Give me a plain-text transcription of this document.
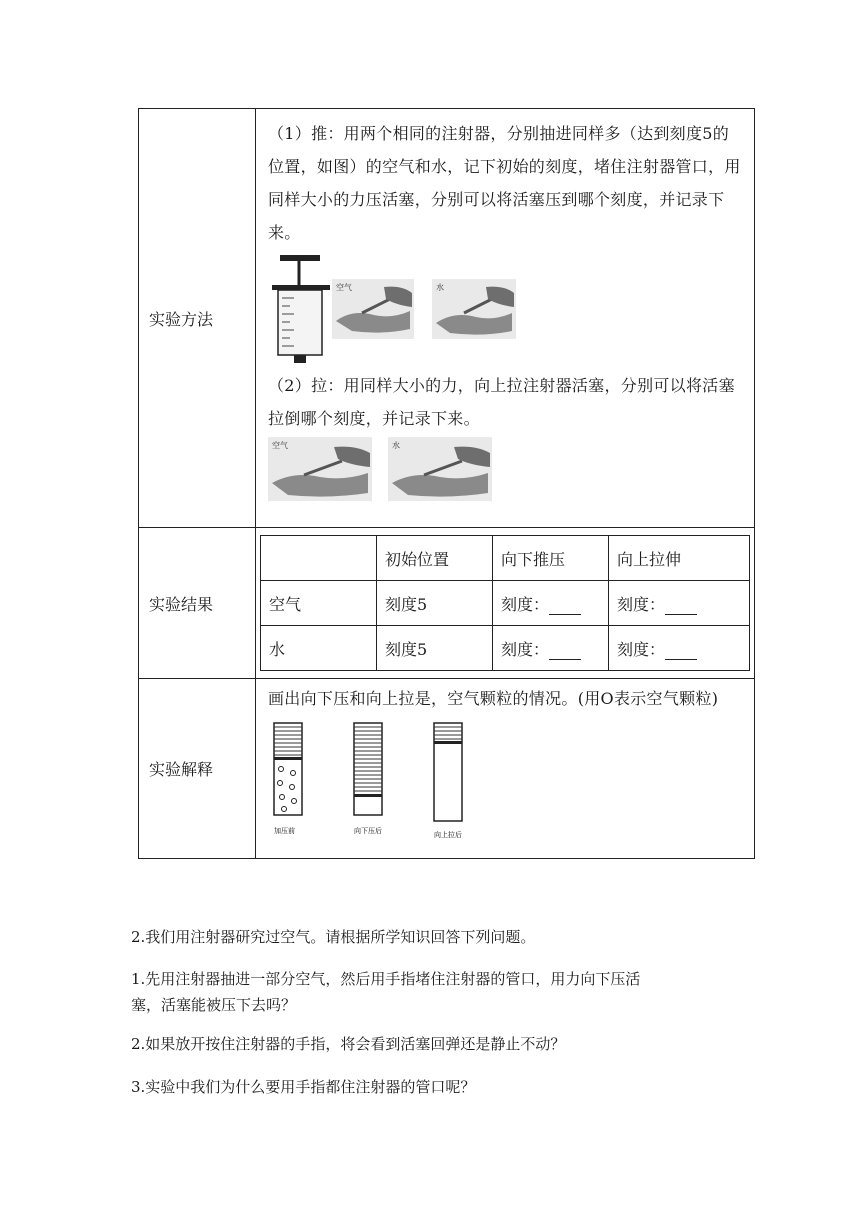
实验方法	

（1）推：用两个相同的注射器，分别抽进同样多（达到刻度5的位置，如图）的空气和水，记下初始的刻度，堵住注射器管口，用同样大小的力压活塞，分别可以将活塞压到哪个刻度，并记录下来。

空气	水

（2）拉：用同样大小的力，向上拉注射器活塞，分别可以将活塞拉倒哪个刻度，并记录下来。

空气	水

实验结果	
	初始位置	向下推压	向上拉伸
空气	刻度5	刻度：	刻度：
水	刻度5	刻度：	刻度：

实验解释	
画出向下压和向上拉是，空气颗粒的情况。(用O表示空气颗粒)
加压前	向下压后	向上拉后
2.我们用注射器研究过空气。请根据所学知识回答下列问题。
1.先用注射器抽进一部分空气，然后用手指堵住注射器的管口，用力向下压活
塞，活塞能被压下去吗？
2.如果放开按住注射器的手指，将会看到活塞回弹还是静止不动？
3.实验中我们为什么要用手指都住注射器的管口呢？
